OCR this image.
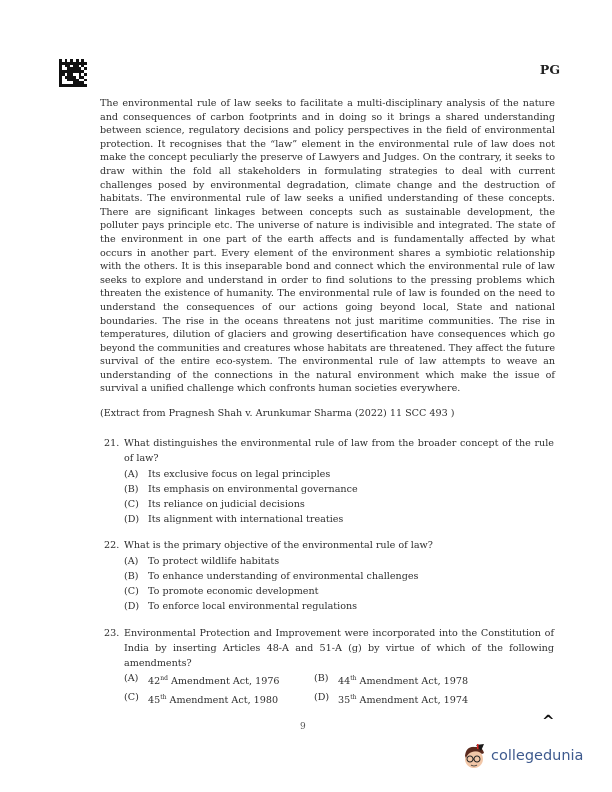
PG

The environmental rule of law seeks to facilitate a multi-disciplinary analysis of the nature and consequences of carbon footprints and in doing so it brings a shared understanding between science, regulatory decisions and policy perspectives in the field of environmental protection. It recognises that the “law” element in the environmental rule of law does not make the concept peculiarly the preserve of Lawyers and Judges. On the contrary, it seeks to draw within the fold all stakeholders in formulating strategies to deal with current challenges posed by environmental degradation, climate change and the destruction of habitats. The environmental rule of law seeks a unified understanding of these concepts. There are significant linkages between concepts such as sustainable development, the polluter pays principle etc. The universe of nature is indivisible and integrated. The state of the environment in one part of the earth affects and is fundamentally affected by what occurs in another part. Every element of the environment shares a symbiotic relationship with the others. It is this inseparable bond and connect which the environmental rule of law seeks to explore and understand in order to find solutions to the pressing problems which threaten the existence of humanity. The environmental rule of law is founded on the need to understand the consequences of our actions going beyond local, State and national boundaries. The rise in the oceans threatens not just maritime communities. The rise in temperatures, dilution of glaciers and growing desertification have consequences which go beyond the communities and creatures whose habitats are threatened. They affect the future survival of the entire eco-system. The environmental rule of law attempts to weave an understanding of the connections in the natural environment which make the issue of survival a unified challenge which confronts human societies everywhere.

(Extract from Pragnesh Shah v. Arunkumar Sharma (2022) 11 SCC 493 )
21. What distinguishes the environmental rule of law from the broader concept of the rule of law?
(A) Its exclusive focus on legal principles
(B) Its emphasis on environmental governance
(C) Its reliance on judicial decisions
(D) Its alignment with international treaties
22. What is the primary objective of the environmental rule of law?
(A) To protect wildlife habitats
(B) To enhance understanding of environmental challenges
(C) To promote economic development
(D) To enforce local environmental regulations
23. Environmental Protection and Improvement were incorporated into the Constitution of India by inserting Articles 48-A and 51-A (g) by virtue of which of the following amendments?
(A) 42nd Amendment Act, 1976	(B) 44th Amendment Act, 1978
(C) 45th Amendment Act, 1980	(D) 35th Amendment Act, 1974
9	^
collegedunia
